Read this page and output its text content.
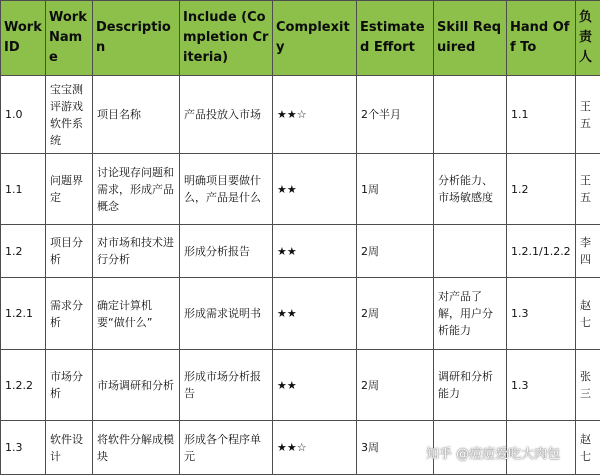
Work ID	Work Name	Description	Include (Completion Criteria)	Complexity	Estimated Effort	Skill Required	Hand Off To	负责人
1.0	宝宝测评游戏软件系统	项目名称	产品投放入市场	★★☆	2个半月		1.1	王五
1.1	问题界定	讨论现存问题和需求，形成产品概念	明确项目要做什么，产品是什么	★★	1周	分析能力、市场敏感度	1.2	王五
1.2	项目分析	对市场和技术进行分析	形成分析报告	★★	2周		1.2.1/1.2.2	李四
1.2.1	需求分析	确定计算机要“做什么”	形成需求说明书	★★	2周	对产品了解，用户分析能力	1.3	赵七
1.2.2	市场分析	市场调研和分析	形成市场分析报告	★★	2周	调研和分析能力	1.3	张三
1.3	软件设计	将软件分解成模块	形成各个程序单元	★★☆	3周			赵七
知乎 @痘痘爱吃大肉包
